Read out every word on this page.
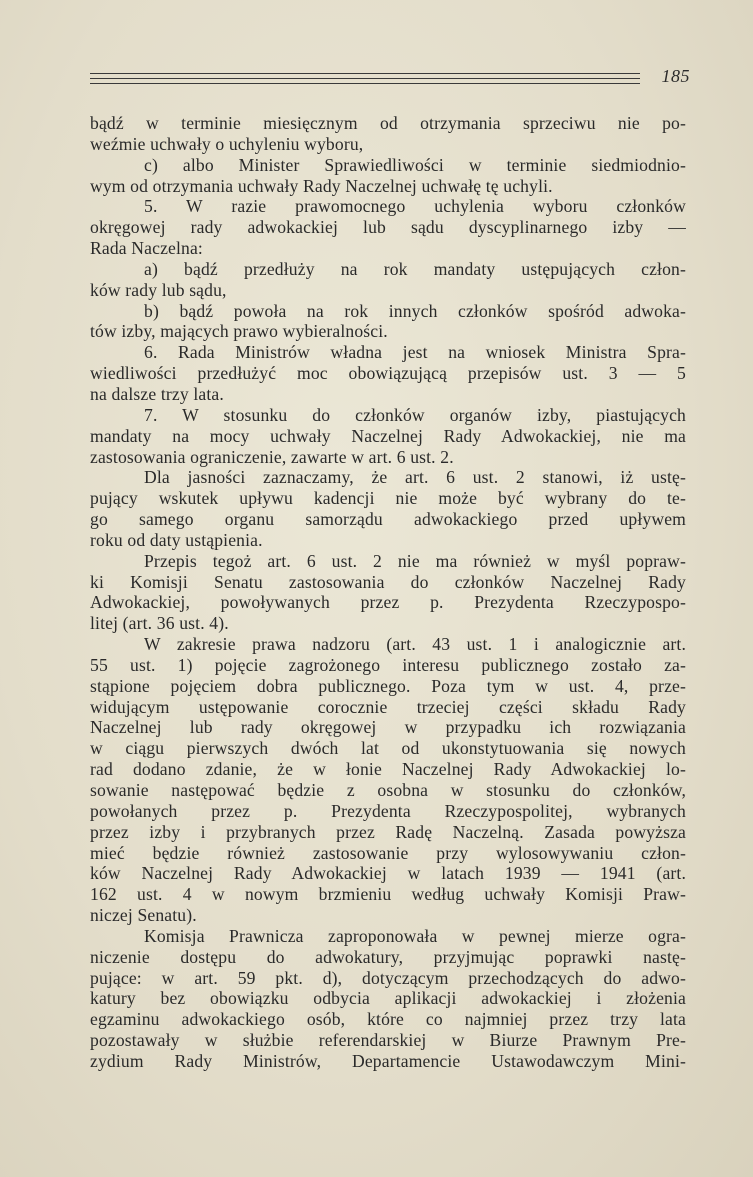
185
bądź w terminie miesięcznym od otrzymania sprzeciwu nie po-
weźmie uchwały o uchyleniu wyboru,
c) albo Minister Sprawiedliwości w terminie siedmiodnio-
wym od otrzymania uchwały Rady Naczelnej uchwałę tę uchyli.
5. W razie prawomocnego uchylenia wyboru członków
okręgowej rady adwokackiej lub sądu dyscyplinarnego izby —
Rada Naczelna:
a) bądź przedłuży na rok mandaty ustępujących człon-
ków rady lub sądu,
b) bądź powoła na rok innych członków spośród adwoka-
tów izby, mających prawo wybieralności.
6. Rada Ministrów władna jest na wniosek Ministra Spra-
wiedliwości przedłużyć moc obowiązującą przepisów ust. 3 — 5
na dalsze trzy lata.
7. W stosunku do członków organów izby, piastujących
mandaty na mocy uchwały Naczelnej Rady Adwokackiej, nie ma
zastosowania ograniczenie, zawarte w art. 6 ust. 2.
Dla jasności zaznaczamy, że art. 6 ust. 2 stanowi, iż ustę-
pujący wskutek upływu kadencji nie może być wybrany do te-
go samego organu samorządu adwokackiego przed upływem
roku od daty ustąpienia.
Przepis tegoż art. 6 ust. 2 nie ma również w myśl popraw-
ki Komisji Senatu zastosowania do członków Naczelnej Rady
Adwokackiej, powoływanych przez p. Prezydenta Rzeczypospo-
litej (art. 36 ust. 4).
W zakresie prawa nadzoru (art. 43 ust. 1 i analogicznie art.
55 ust. 1) pojęcie zagrożonego interesu publicznego zostało za-
stąpione pojęciem dobra publicznego. Poza tym w ust. 4, prze-
widującym ustępowanie corocznie trzeciej części składu Rady
Naczelnej lub rady okręgowej w przypadku ich rozwiązania
w ciągu pierwszych dwóch lat od ukonstytuowania się nowych
rad dodano zdanie, że w łonie Naczelnej Rady Adwokackiej lo-
sowanie następować będzie z osobna w stosunku do członków,
powołanych przez p. Prezydenta Rzeczypospolitej, wybranych
przez izby i przybranych przez Radę Naczelną. Zasada powyższa
mieć będzie również zastosowanie przy wylosowywaniu człon-
ków Naczelnej Rady Adwokackiej w latach 1939 — 1941 (art.
162 ust. 4 w nowym brzmieniu według uchwały Komisji Praw-
niczej Senatu).
Komisja Prawnicza zaproponowała w pewnej mierze ogra-
niczenie dostępu do adwokatury, przyjmując poprawki nastę-
pujące: w art. 59 pkt. d), dotyczącym przechodzących do adwo-
katury bez obowiązku odbycia aplikacji adwokackiej i złożenia
egzaminu adwokackiego osób, które co najmniej przez trzy lata
pozostawały w służbie referendarskiej w Biurze Prawnym Pre-
zydium Rady Ministrów, Departamencie Ustawodawczym Mini-
